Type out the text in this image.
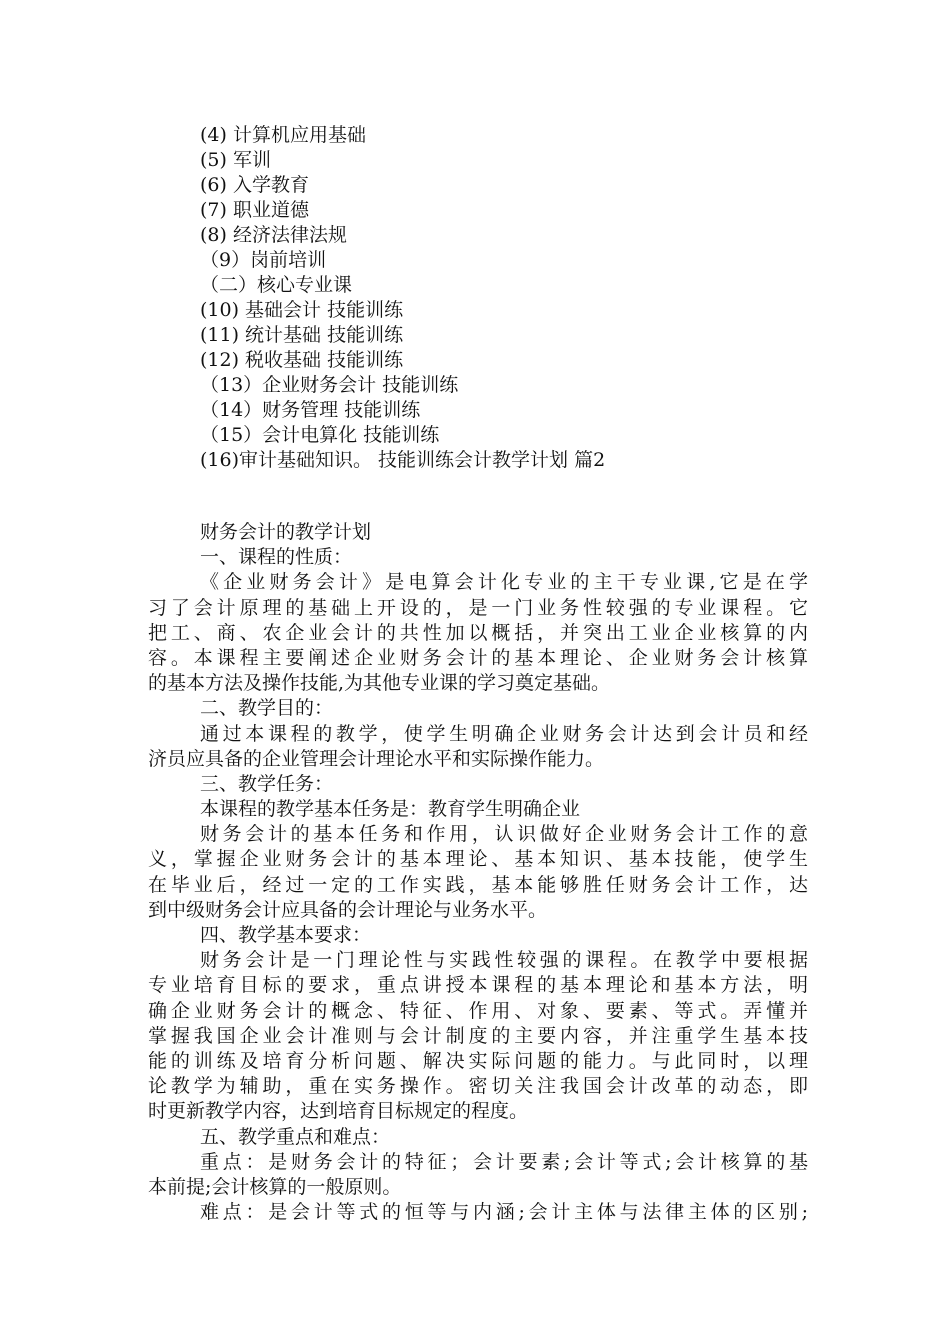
(4) 计算机应用基础
(5) 军训
(6) 入学教育
(7) 职业道德
(8) 经济法律法规
（9）岗前培训
（二）核心专业课
(10) 基础会计 技能训练
(11) 统计基础 技能训练
(12) 税收基础 技能训练
（13）企业财务会计 技能训练
（14）财务管理 技能训练
（15）会计电算化 技能训练
(16)审计基础知识。 技能训练会计教学计划 篇2
财务会计的教学计划
一、课程的性质：
《企业财务会计》是电算会计化专业的主干专业课,它是在学
习了会计原理的基础上开设的，是一门业务性较强的专业课程。它
把工、商、农企业会计的共性加以概括，并突出工业企业核算的内
容。本课程主要阐述企业财务会计的基本理论、企业财务会计核算
的基本方法及操作技能,为其他专业课的学习奠定基础。
二、教学目的：
通过本课程的教学，使学生明确企业财务会计达到会计员和经
济员应具备的企业管理会计理论水平和实际操作能力。
三、教学任务：
本课程的教学基本任务是：教育学生明确企业
财务会计的基本任务和作用，认识做好企业财务会计工作的意
义，掌握企业财务会计的基本理论、基本知识、基本技能，使学生
在毕业后，经过一定的工作实践，基本能够胜任财务会计工作，达
到中级财务会计应具备的会计理论与业务水平。
四、教学基本要求：
财务会计是一门理论性与实践性较强的课程。在教学中要根据
专业培育目标的要求，重点讲授本课程的基本理论和基本方法，明
确企业财务会计的概念、特征、作用、对象、要素、等式。弄懂并
掌握我国企业会计准则与会计制度的主要内容，并注重学生基本技
能的训练及培育分析问题、解决实际问题的能力。与此同时，以理
论教学为辅助，重在实务操作。密切关注我国会计改革的动态，即
时更新教学内容，达到培育目标规定的程度。
五、教学重点和难点：
重点：是财务会计的特征；会计要素;会计等式;会计核算的基
本前提;会计核算的一般原则。
难点：是会计等式的恒等与内涵;会计主体与法律主体的区别;
